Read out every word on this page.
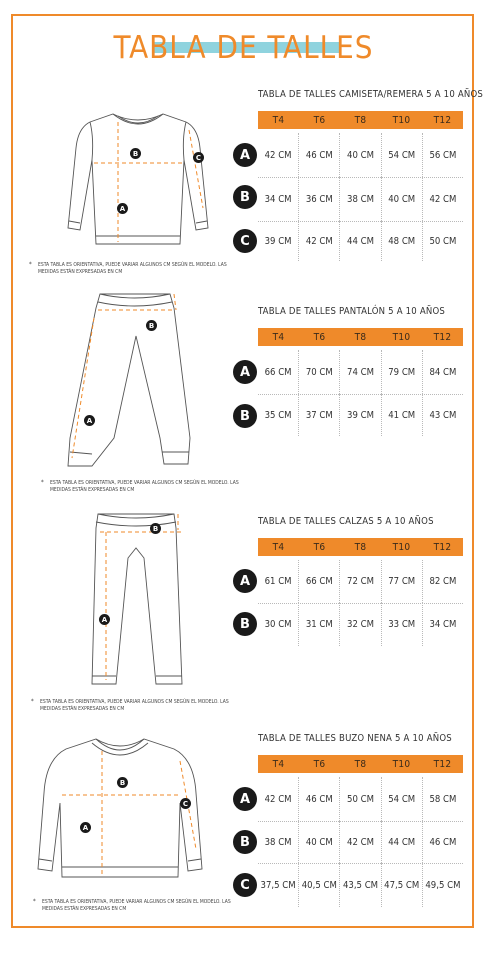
TABLA DE TALLES
B
A
C
* ESTA TABLA ES ORIENTATIVA, PUEDE VARIAR ALGUNOS CM SEGÚN EL MODELO. LAS MEDIDAS ESTÁN EXPRESADAS EN CM
TABLA DE TALLES CAMISETA/REMERA 5 A 10 AÑOS
T4	T6	T8	T10	T12
A	42 CM	46 CM	40 CM	54 CM	56 CM
B	34 CM	36 CM	38 CM	40 CM	42 CM
C	39 CM	42 CM	44 CM	48 CM	50 CM
B
A
* ESTA TABLA ES ORIENTATIVA, PUEDE VARIAR ALGUNOS CM SEGÚN EL MODELO. LAS MEDIDAS ESTÁN EXPRESADAS EN CM
TABLA DE TALLES PANTALÓN 5 A 10 AÑOS
T4	T6	T8	T10	T12
A	66 CM	70 CM	74 CM	79 CM	84 CM
B	35 CM	37 CM	39 CM	41 CM	43 CM
B
A
* ESTA TABLA ES ORIENTATIVA, PUEDE VARIAR ALGUNOS CM SEGÚN EL MODELO. LAS MEDIDAS ESTÁN EXPRESADAS EN CM
TABLA DE TALLES CALZAS 5 A 10 AÑOS
T4	T6	T8	T10	T12
A	61 CM	66 CM	72 CM	77 CM	82 CM
B	30 CM	31 CM	32 CM	33 CM	34 CM
B
A
C
* ESTA TABLA ES ORIENTATIVA, PUEDE VARIAR ALGUNOS CM SEGÚN EL MODELO. LAS MEDIDAS ESTÁN EXPRESADAS EN CM
TABLA DE TALLES BUZO NENA 5 A 10 AÑOS
T4	T6	T8	T10	T12
A	42 CM	46 CM	50 CM	54 CM	58 CM
B	38 CM	40 CM	42 CM	44 CM	46 CM
C	37,5 CM 40,5 CM 43,5 CM 47,5 CM 49,5 CM
